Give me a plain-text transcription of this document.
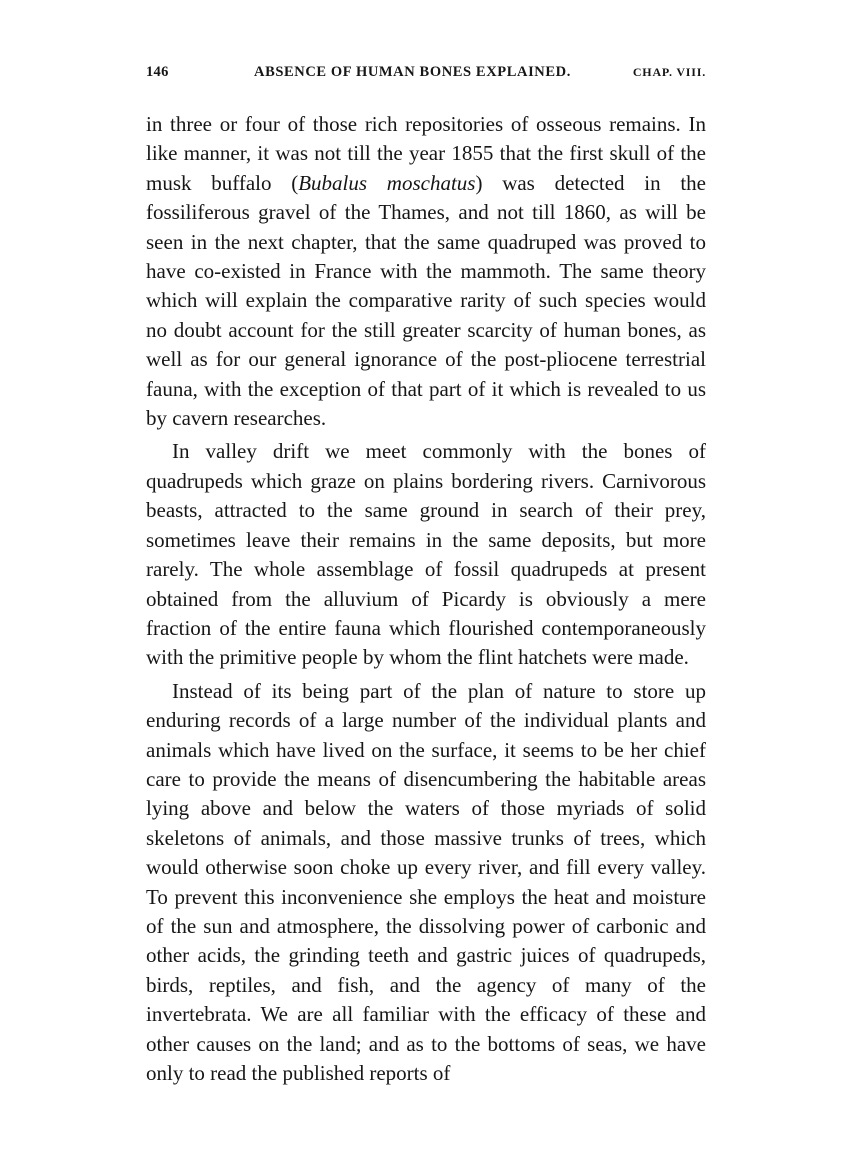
146	ABSENCE OF HUMAN BONES EXPLAINED.	CHAP. VIII.

in three or four of those rich repositories of osseous remains. In like manner, it was not till the year 1855 that the first skull of the musk buffalo (Bubalus moschatus) was detected in the fossiliferous gravel of the Thames, and not till 1860, as will be seen in the next chapter, that the same quadruped was proved to have co-existed in France with the mammoth. The same theory which will explain the comparative rarity of such species would no doubt account for the still greater scarcity of human bones, as well as for our general ignorance of the post-pliocene terrestrial fauna, with the exception of that part of it which is revealed to us by cavern researches.

In valley drift we meet commonly with the bones of quadrupeds which graze on plains bordering rivers. Carnivorous beasts, attracted to the same ground in search of their prey, sometimes leave their remains in the same deposits, but more rarely. The whole assemblage of fossil quadrupeds at present obtained from the alluvium of Picardy is obviously a mere fraction of the entire fauna which flourished contemporaneously with the primitive people by whom the flint hatchets were made.

Instead of its being part of the plan of nature to store up enduring records of a large number of the individual plants and animals which have lived on the surface, it seems to be her chief care to provide the means of disencumbering the habitable areas lying above and below the waters of those myriads of solid skeletons of animals, and those massive trunks of trees, which would otherwise soon choke up every river, and fill every valley. To prevent this inconvenience she employs the heat and moisture of the sun and atmosphere, the dissolving power of carbonic and other acids, the grinding teeth and gastric juices of quadrupeds, birds, reptiles, and fish, and the agency of many of the invertebrata. We are all familiar with the efficacy of these and other causes on the land; and as to the bottoms of seas, we have only to read the published reports of
